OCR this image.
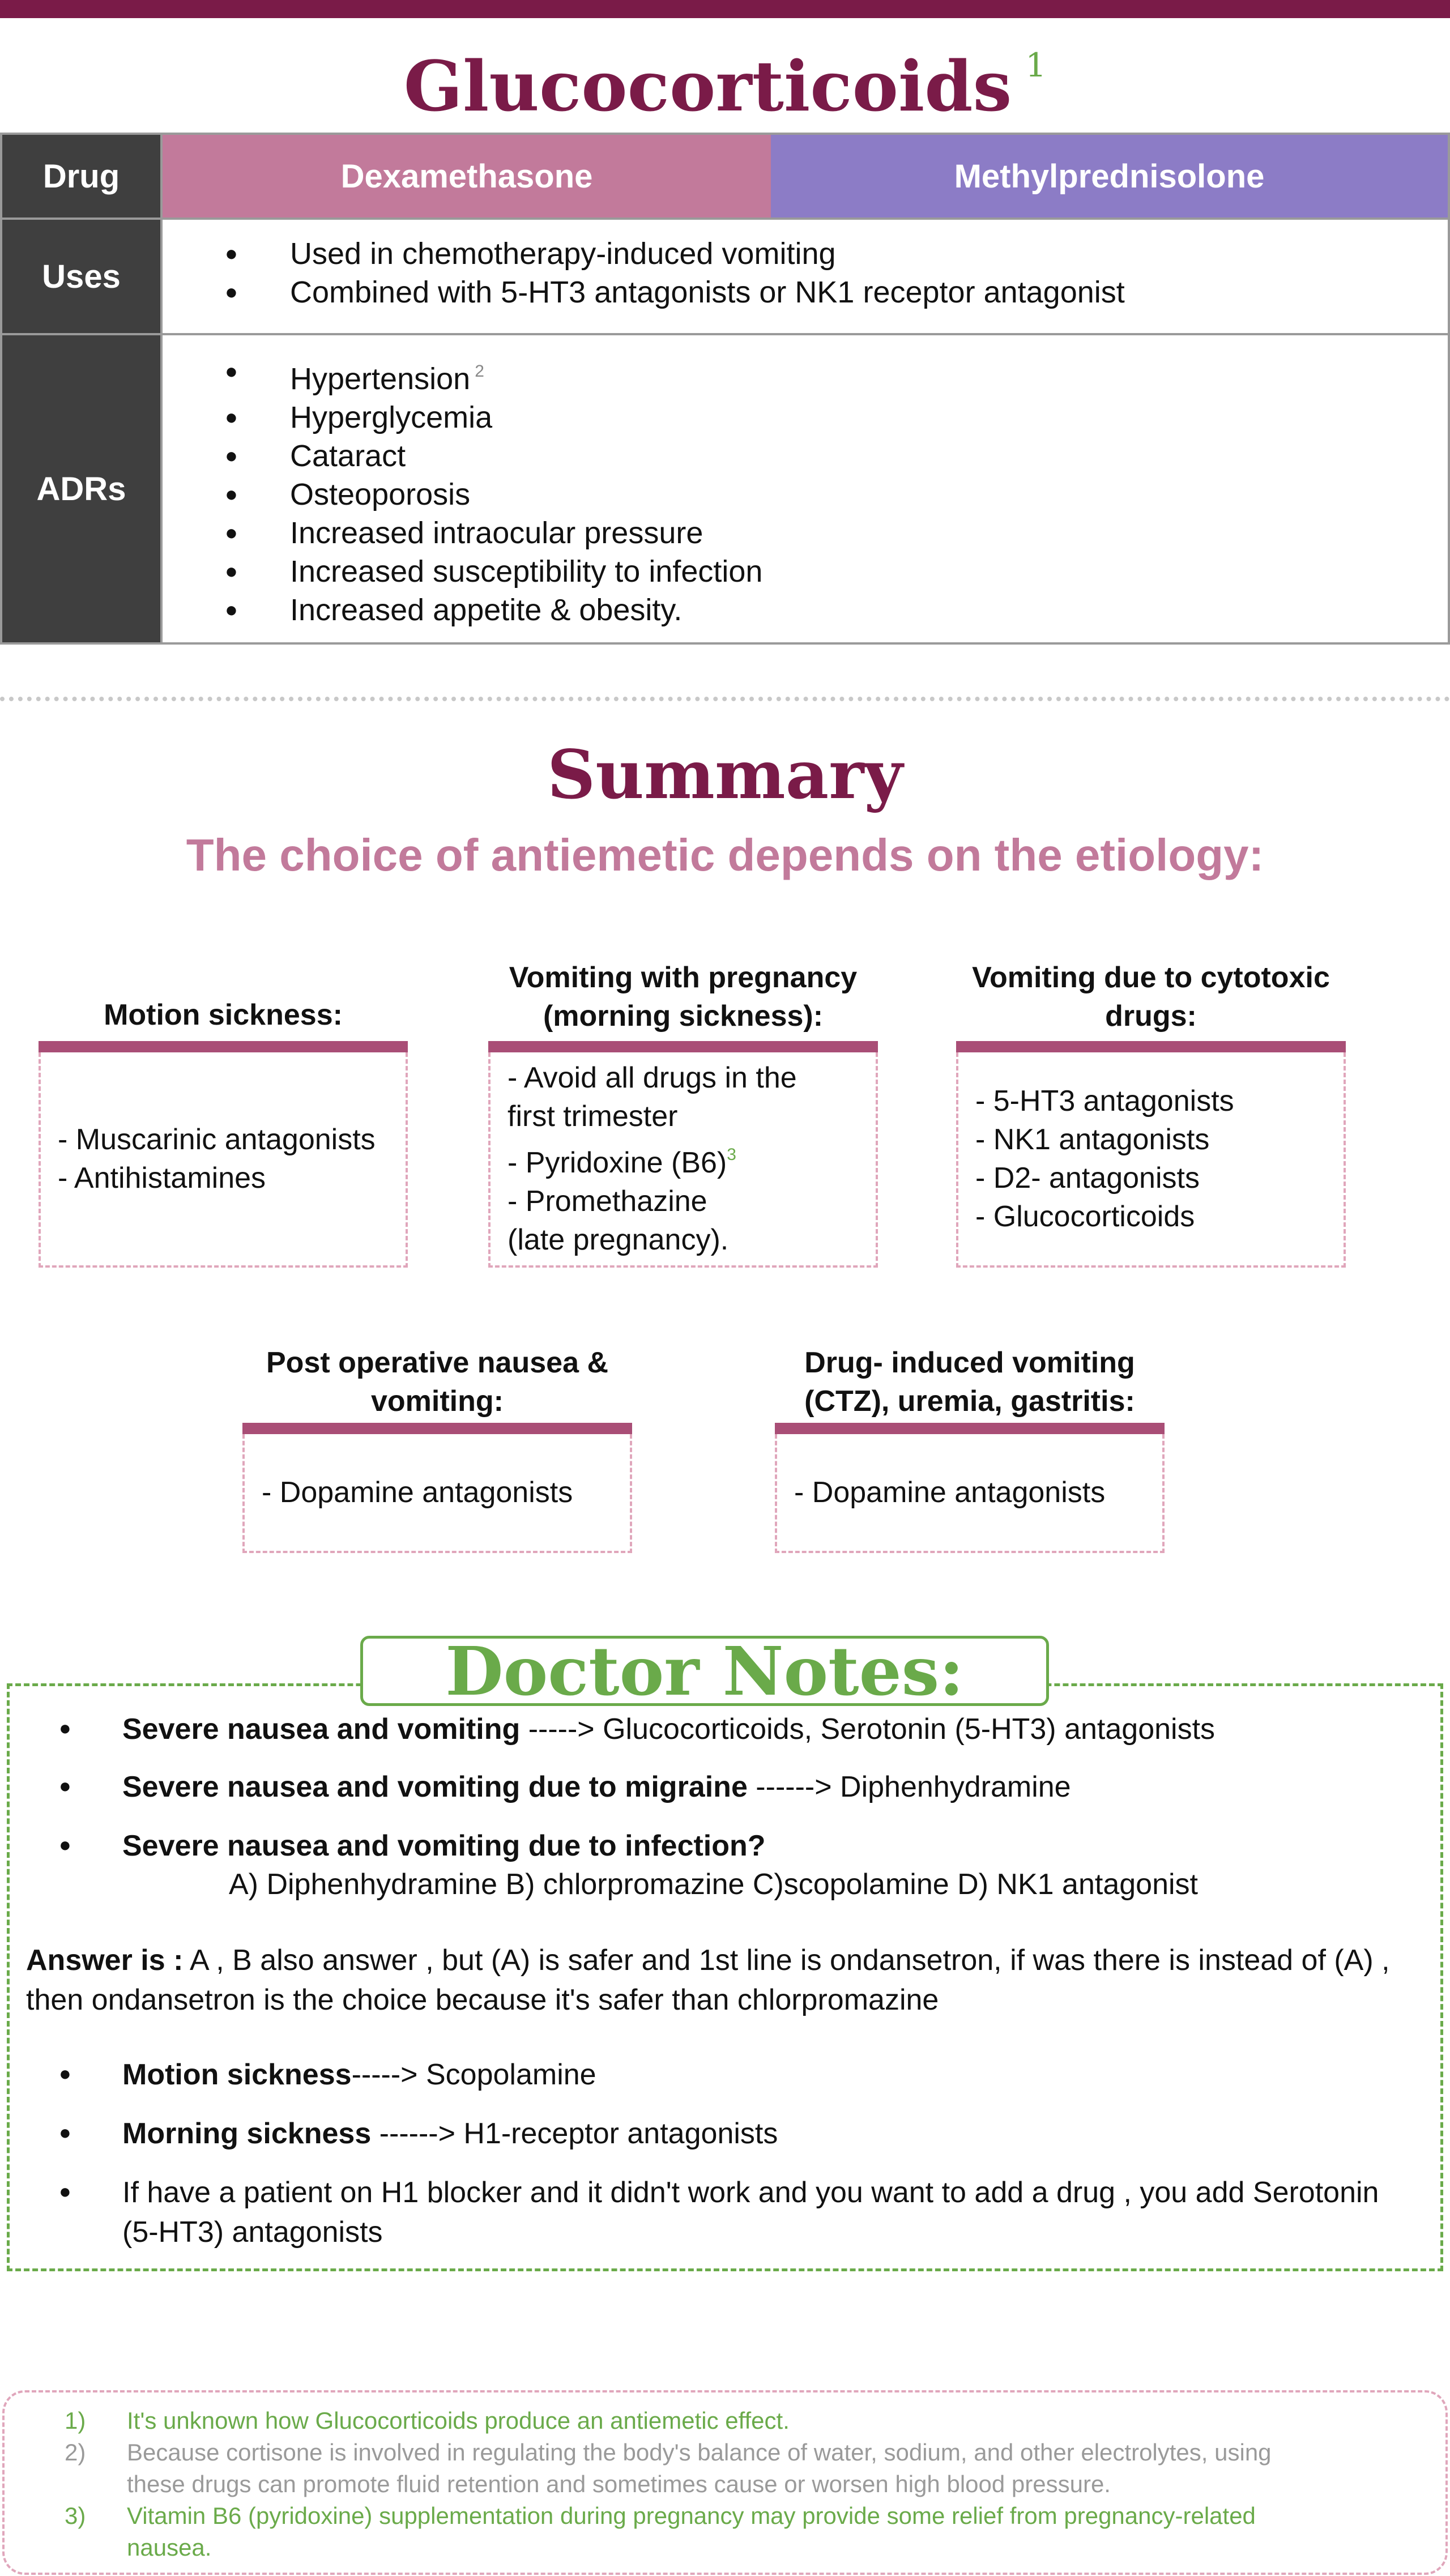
Glucocorticoids $^1$
Drug	Dexamethasone	Methylprednisolone
Uses
● Used in chemotherapy-induced vomiting
● Combined with 5-HT3 antagonists or NK1 receptor antagonist
ADRs
● Hypertension $^2$
● Hyperglycemia
● Cataract
● Osteoporosis
● Increased intraocular pressure
● Increased susceptibility to infection
● Increased appetite & obesity.
Summary
The choice of antiemetic depends on the etiology:
Motion sickness:
- Muscarinic antagonists
- Antihistamines
Vomiting with pregnancy
(morning sickness):
- Avoid all drugs in the
first trimester
- Pyridoxine (B6)$^3$
- Promethazine
(late pregnancy).
Vomiting due to cytotoxic
drugs:
- 5-HT3 antagonists
- NK1 antagonists
- D2- antagonists
- Glucocorticoids
Post operative nausea &
vomiting:
- Dopamine antagonists
Drug- induced vomiting
(CTZ), uremia, gastritis:
- Dopamine antagonists
Doctor Notes:
● Severe nausea and vomiting -----> Glucocorticoids, Serotonin (5-HT3) antagonists
● Severe nausea and vomiting due to migraine ------> Diphenhydramine
● Severe nausea and vomiting due to infection?
A) Diphenhydramine B) chlorpromazine C)scopolamine D) NK1 antagonist
Answer is : A , B also answer , but (A) is safer and 1st line is ondansetron, if was there is instead of (A) ,
then ondansetron is the choice because it's safer than chlorpromazine
● Motion sickness-----> Scopolamine
● Morning sickness ------> H1-receptor antagonists
● If have a patient on H1 blocker and it didn't work and you want to add a drug , you add Serotonin
(5-HT3) antagonists
1) It's unknown how Glucocorticoids produce an antiemetic effect.
2) Because cortisone is involved in regulating the body's balance of water, sodium, and other electrolytes, using
these drugs can promote fluid retention and sometimes cause or worsen high blood pressure.
3) Vitamin B6 (pyridoxine) supplementation during pregnancy may provide some relief from pregnancy-related
nausea.
